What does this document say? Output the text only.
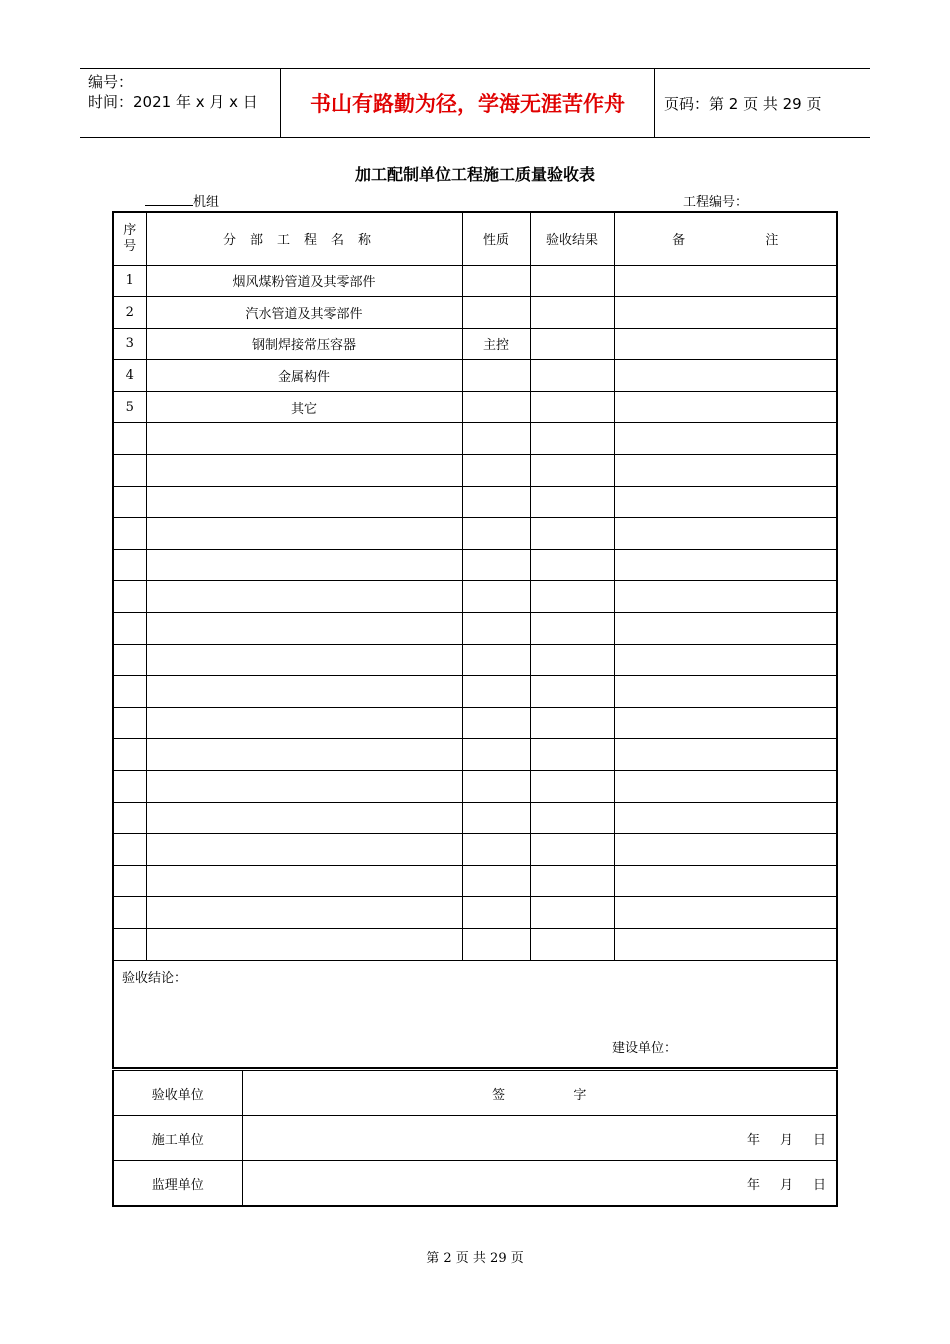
编号：
时间：2021 年 x 月 x 日	书山有路勤为径，学海无涯苦作舟	页码：第 2 页 共 29 页
加工配制单位工程施工质量验收表
机组	工程编号：
序
号	分部工程名称	性质	验收结果	备 注
1	烟风煤粉管道及其零部件			
2	汽水管道及其零部件			
3	钢制焊接常压容器	主控		
4	金属构件			
5	其它			

验收结论：
建设单位：				
验收单位	签 字
施工单位	年 月 日
监理单位	年 月 日
第 2 页 共 29 页
